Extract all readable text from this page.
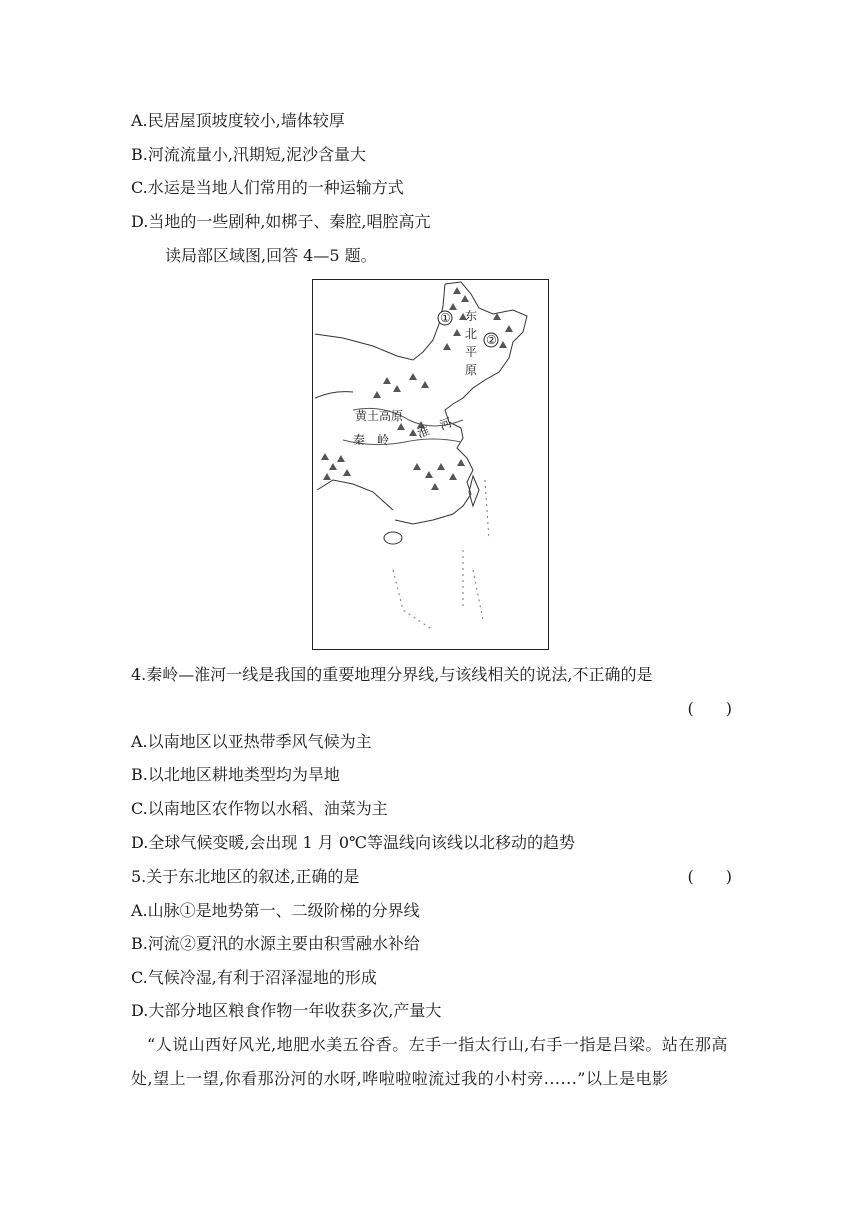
A.民居屋顶坡度较小,墙体较厚
B.河流流量小,汛期短,泥沙含量大
C.水运是当地人们常用的一种运输方式
D.当地的一些剧种,如梆子、秦腔,唱腔高亢
读局部区域图,回答 4—5 题。
①
②
东
北
平
原
黄土高原
秦　岭 淮　河
4.秦岭—淮河一线是我国的重要地理分界线,与该线相关的说法,不正确的是
(　　)
A.以南地区以亚热带季风气候为主
B.以北地区耕地类型均为旱地
C.以南地区农作物以水稻、油菜为主
D.全球气候变暖,会出现 1 月 0℃等温线向该线以北移动的趋势
5.关于东北地区的叙述,正确的是	(　　)
A.山脉①是地势第一、二级阶梯的分界线
B.河流②夏汛的水源主要由积雪融水补给
C.气候冷湿,有利于沼泽湿地的形成
D.大部分地区粮食作物一年收获多次,产量大
“人说山西好风光,地肥水美五谷香。左手一指太行山,右手一指是吕梁。站在那高处,望上一望,你看那汾河的水呀,哗啦啦啦流过我的小村旁......”以上是电影
